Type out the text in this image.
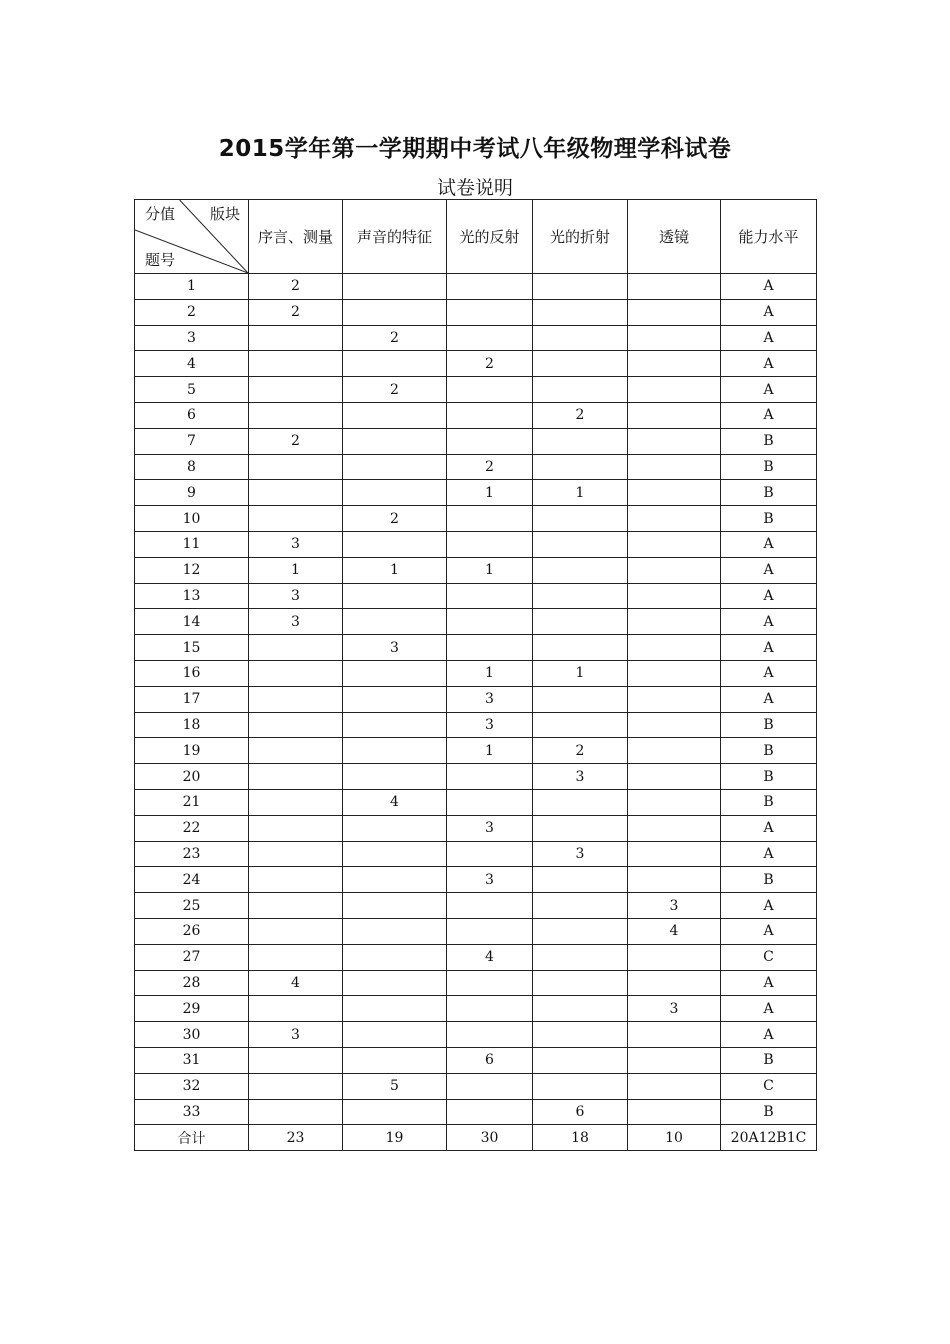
2015学年第一学期期中考试八年级物理学科试卷
试卷说明
分值 版块
题号	序言、测量	声音的特征	光的反射	光的折射	透镜	能力水平
1	2					A
2	2					A
3		2				A
4			2			A
5		2				A
6				2		A
7	2					B
8			2			B
9			1	1		B
10		2				B
11	3					A
12	1	1	1			A
13	3					A
14	3					A
15		3				A
16			1	1		A
17			3			A
18			3			B
19			1	2		B
20				3		B
21		4				B
22			3			A
23				3		A
24			3			B
25					3	A
26					4	A
27			4			C
28	4					A
29					3	A
30	3					A
31			6			B
32		5				C
33				6		B
合计	23	19	30	18	10	20A12B1C
